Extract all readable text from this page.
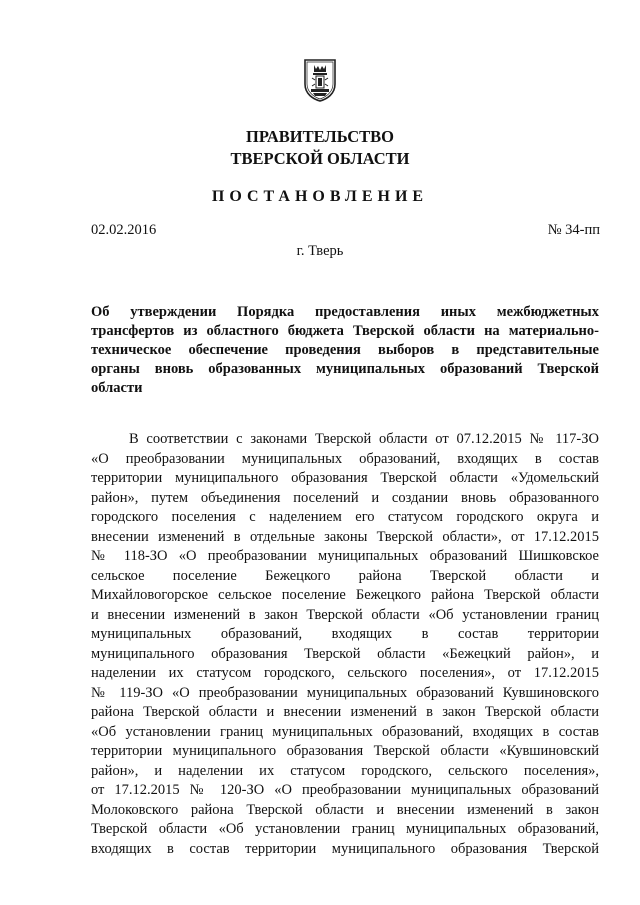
ПРАВИТЕЛЬСТВО
ТВЕРСКОЙ ОБЛАСТИ
ПОСТАНОВЛЕНИЕ
02.02.2016	№ 34-пп
г. Тверь
Об утверждении Порядка предоставления иных межбюджетных
трансфертов из областного бюджета Тверской области на материально-
техническое обеспечение проведения выборов в представительные
органы вновь образованных муниципальных образований Тверской
области
В соответствии с законами Тверской области от 07.12.2015 № 117-ЗО
«О преобразовании муниципальных образований, входящих в состав
территории муниципального образования Тверской области «Удомельский
район», путем объединения поселений и создании вновь образованного
городского поселения с наделением его статусом городского округа и
внесении изменений в отдельные законы Тверской области», от 17.12.2015
№ 118-ЗО «О преобразовании муниципальных образований Шишковское
сельское поселение Бежецкого района Тверской области и
Михайловогорское сельское поселение Бежецкого района Тверской области
и внесении изменений в закон Тверской области «Об установлении границ
муниципальных образований, входящих в состав территории
муниципального образования Тверской области «Бежецкий район», и
наделении их статусом городского, сельского поселения», от 17.12.2015
№ 119-ЗО «О преобразовании муниципальных образований Кувшиновского
района Тверской области и внесении изменений в закон Тверской области
«Об установлении границ муниципальных образований, входящих в состав
территории муниципального образования Тверской области «Кувшиновский
район», и наделении их статусом городского, сельского поселения»,
от 17.12.2015 № 120-ЗО «О преобразовании муниципальных образований
Молоковского района Тверской области и внесении изменений в закон
Тверской области «Об установлении границ муниципальных образований,
входящих в состав территории муниципального образования Тверской
